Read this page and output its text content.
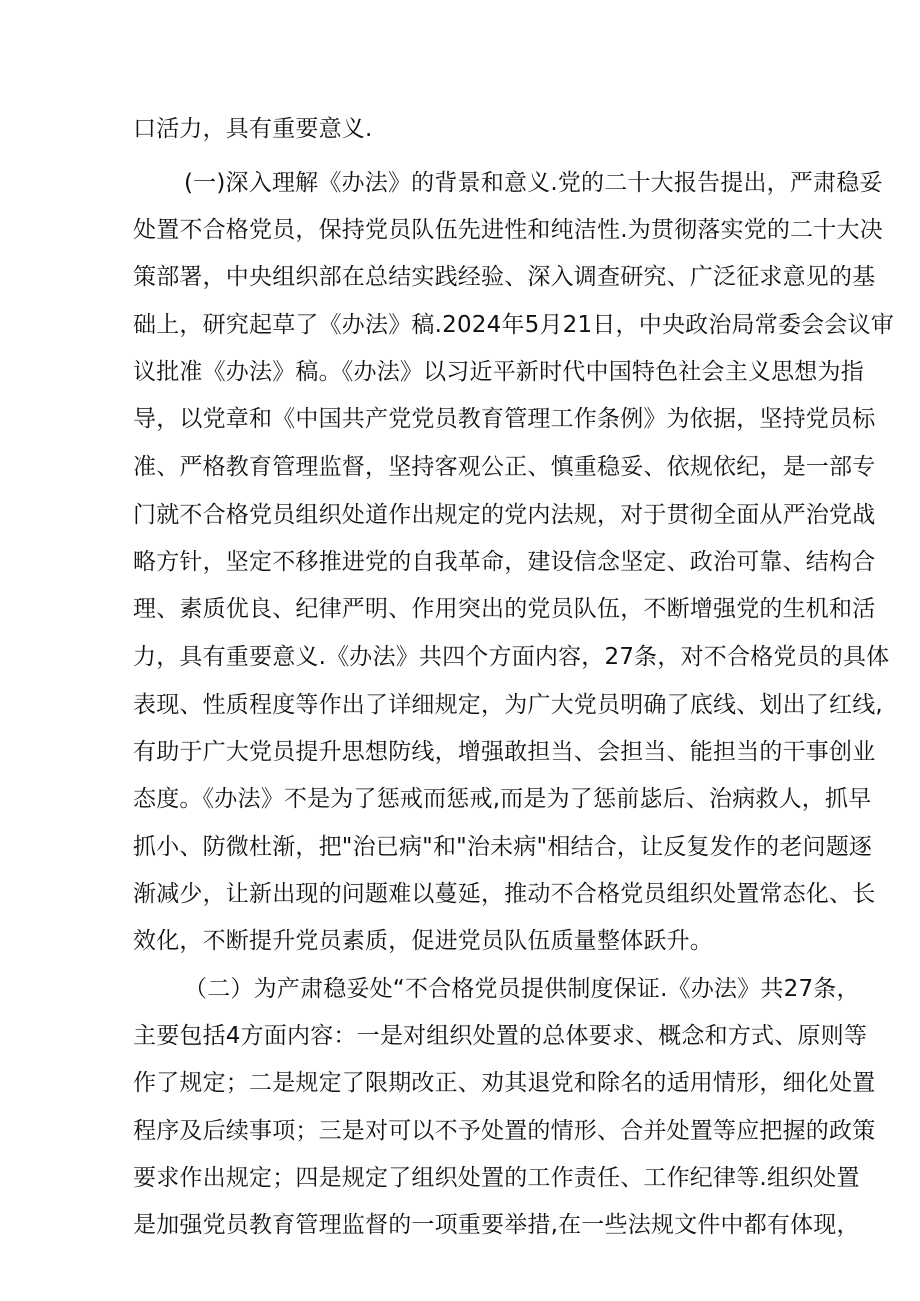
口活力，具有重要意义.
(一)深入理解《办法》的背景和意义.党的二十大报告提出，严肃稳妥
处置不合格党员，保持党员队伍先进性和纯洁性.为贯彻落实党的二十大决
策部署，中央组织部在总结实践经验、深入调查研究、广泛征求意见的基
础上，研究起草了《办法》稿.2024年5月21日，中央政治局常委会会议审
议批准《办法》稿。《办法》以习近平新时代中国特色社会主义思想为指
导，以党章和《中国共产党党员教育管理工作条例》为依据，坚持党员标
准、严格教育管理监督，坚持客观公正、慎重稳妥、依规依纪，是一部专
门就不合格党员组织处道作出规定的党内法规，对于贯彻全面从严治党战
略方针，坚定不移推进党的自我革命，建设信念坚定、政治可靠、结构合
理、素质优良、纪律严明、作用突出的党员队伍，不断增强党的生机和活
力，具有重要意义.《办法》共四个方面内容，27条，对不合格党员的具体
表现、性质程度等作出了详细规定，为广大党员明确了底线、划出了红线,
有助于广大党员提升思想防线，增强敢担当、会担当、能担当的干事创业
态度。《办法》不是为了惩戒而惩戒,而是为了惩前毖后、治病救人，抓早
抓小、防微杜渐，把"治已病"和"治未病"相结合，让反复发作的老问题逐
渐减少，让新出现的问题难以蔓延，推动不合格党员组织处置常态化、长
效化，不断提升党员素质，促进党员队伍质量整体跃升。
（二）为产肃稳妥处“不合格党员提供制度保证.《办法》共27条，
主要包括4方面内容：一是对组织处置的总体要求、概念和方式、原则等
作了规定；二是规定了限期改正、劝其退党和除名的适用情形，细化处置
程序及后续事项；三是对可以不予处置的情形、合并处置等应把握的政策
要求作出规定；四是规定了组织处置的工作责任、工作纪律等.组织处置
是加强党员教育管理监督的一项重要举措,在一些法规文件中都有体现，
